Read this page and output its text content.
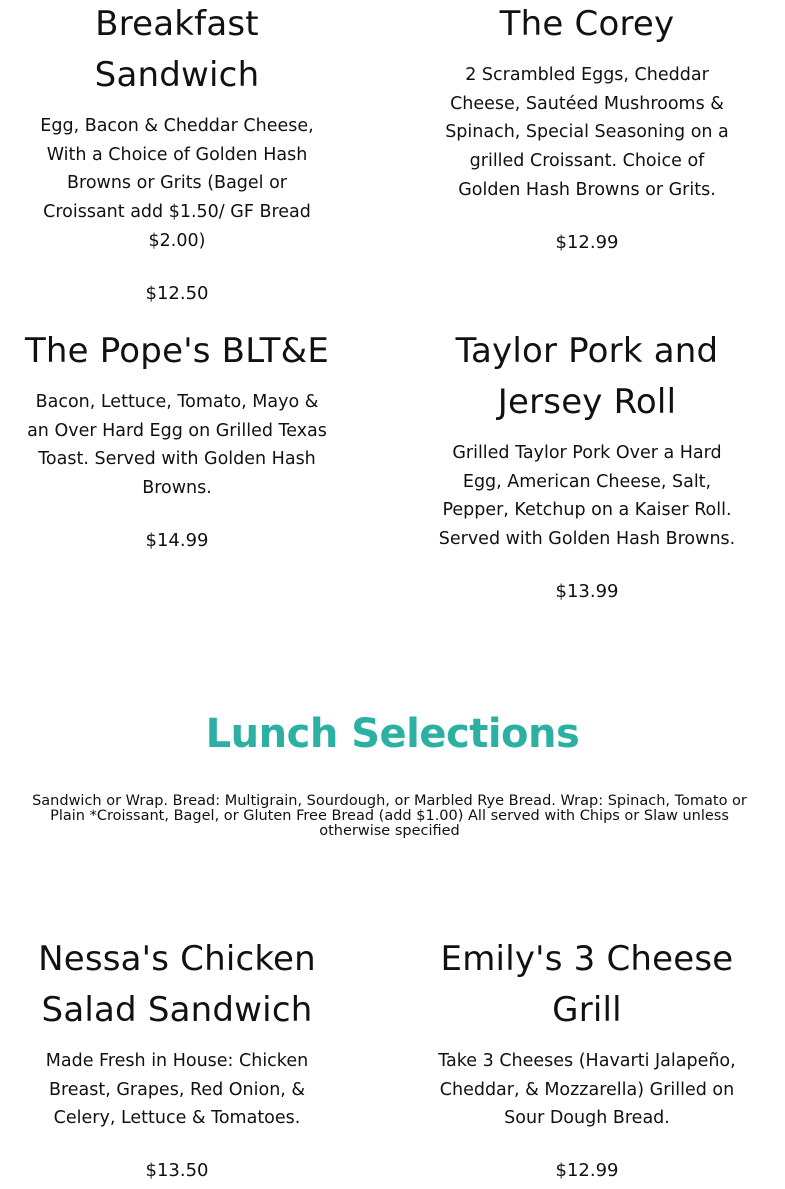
Breakfast Sandwich

Egg, Bacon & Cheddar Cheese, With a Choice of Golden Hash Browns or Grits (Bagel or Croissant add $1.50/ GF Bread $2.00)

$12.50

The Corey

2 Scrambled Eggs, Cheddar Cheese, Sautéed Mushrooms & Spinach, Special Seasoning on a grilled Croissant. Choice of Golden Hash Browns or Grits.

$12.99

The Pope's BLT&E

Bacon, Lettuce, Tomato, Mayo & an Over Hard Egg on Grilled Texas Toast. Served with Golden Hash Browns.

$14.99

Taylor Pork and Jersey Roll

Grilled Taylor Pork Over a Hard Egg, American Cheese, Salt, Pepper, Ketchup on a Kaiser Roll. Served with Golden Hash Browns.

$13.99

Lunch Selections

Sandwich or Wrap. Bread: Multigrain, Sourdough, or Marbled Rye Bread. Wrap: Spinach, Tomato or Plain *Croissant, Bagel, or Gluten Free Bread (add $1.00) All served with Chips or Slaw unless otherwise specified

Nessa's Chicken Salad Sandwich

Made Fresh in House: Chicken Breast, Grapes, Red Onion, & Celery, Lettuce & Tomatoes.

$13.50

Emily's 3 Cheese Grill

Take 3 Cheeses (Havarti Jalapeño, Cheddar, & Mozzarella) Grilled on Sour Dough Bread.

$12.99
